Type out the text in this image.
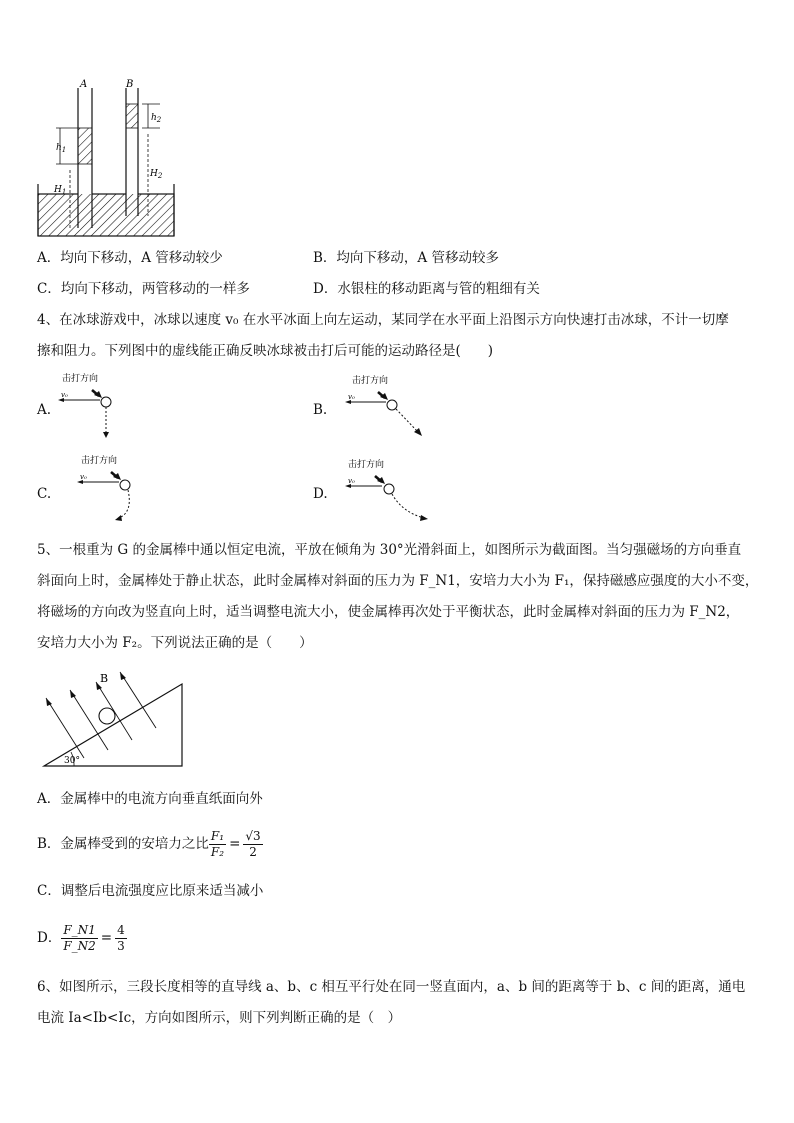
A	B
$h_1$
$h_2$
$H_1$
$H_2$
A．均向下移动，A 管移动较少	B．均向下移动，A 管移动较多
C．均向下移动，两管移动的一样多	D．水银柱的移动距离与管的粗细有关
4、在冰球游戏中，冰球以速度 v₀ 在水平冰面上向左运动，某同学在水平面上沿图示方向快速打击冰球，不计一切摩
擦和阻力。下列图中的虚线能正确反映冰球被击打后可能的运动路径是(　　)
A.
击打方向
v₀
B.
击打方向
v₀
C.
击打方向
v₀
D.
击打方向
v₀
5、一根重为 G 的金属棒中通以恒定电流，平放在倾角为 30°光滑斜面上，如图所示为截面图。当匀强磁场的方向垂直
斜面向上时，金属棒处于静止状态，此时金属棒对斜面的压力为 F_N1，安培力大小为 F₁，保持磁感应强度的大小不变，
将磁场的方向改为竖直向上时，适当调整电流大小，使金属棒再次处于平衡状态，此时金属棒对斜面的压力为 F_N2，
安培力大小为 F₂。下列说法正确的是（　　）
30°
B
A．金属棒中的电流方向垂直纸面向外
B．金属棒受到的安培力之比 $\frac{\text{F₁}}{\text{F₂}} = \frac{√3}{2}$
C．调整后电流强度应比原来适当减小
D． $\frac{F\_N1}{F\_N2} = \frac{4}{3}$
6、如图所示，三段长度相等的直导线 a、b、c 相互平行处在同一竖直面内，a、b 间的距离等于 b、c 间的距离，通电
电流 Ia<Ib<Ic，方向如图所示，则下列判断正确的是（　）
